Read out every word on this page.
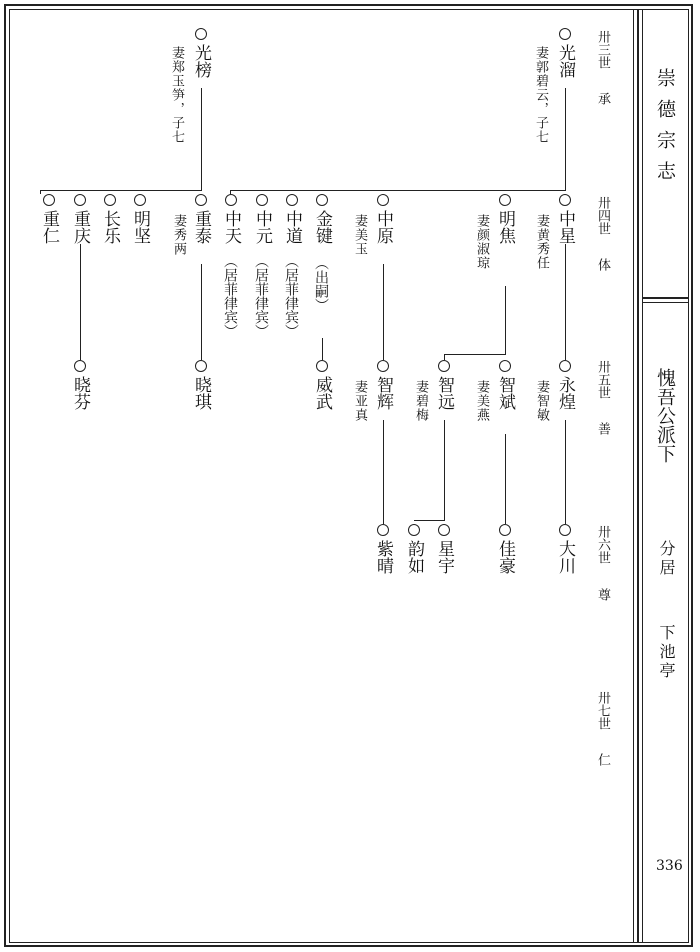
崇德宗志
愧吾公派下
分居
下池亭
336
卅三世
承
卅四世
体
卅五世
善
卅六世
尊
卅七世
仁
光溜
妻郭碧云，子七
光榜
妻郑玉笋，子七
中星
妻黄秀任
明焦
妻颜淑琼
中原
妻美玉
金键
（出嗣）
中道
（居菲律宾）
中元
（居菲律宾）
中天
（居菲律宾）
重泰
妻秀两
明坚
长乐
重庆
重仁
永煌
妻智敏
智斌
妻美燕
智远
妻碧梅
智辉
妻亚真
威武
晓琪
晓芬
大川
佳豪
星宇
韵如
紫晴
